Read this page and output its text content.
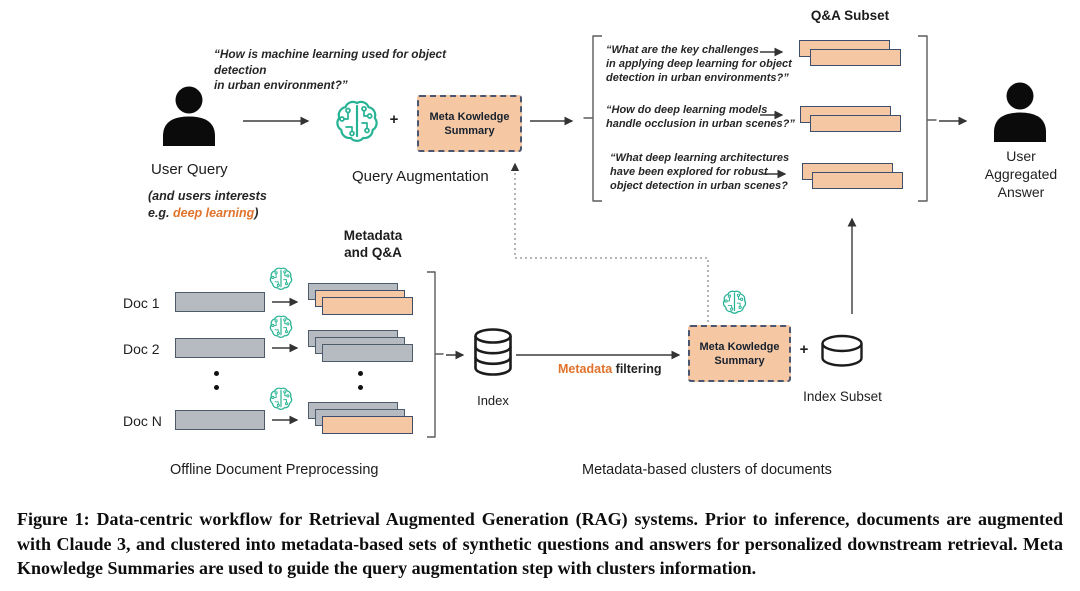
“How is machine learning used for object detection
in urban environment?”
User Query
(and users interests
e.g. deep learning)
+	Meta Kowledge
Summary
Query Augmentation
Q&A Subset
“What are the key challenges
in applying deep learning for object
detection in urban environments?”
“How do deep learning models
handle occlusion in urban scenes?”
“What deep learning architectures
have been explored for robust
object detection in urban scenes?
User
Aggregated
Answer
Metadata
and Q&A
Doc 1
Doc 2
Doc N
Index
Offline Document Preprocessing
Metadata filtering
Meta Kowledge
Summary
+
Index Subset
Metadata-based clusters of documents
Figure 1: Data-centric workflow for Retrieval Augmented Generation (RAG) systems. Prior to inference, documents are augmented with Claude 3, and clustered into metadata-based sets of synthetic questions and answers for personalized downstream retrieval. Meta Knowledge Summaries are used to guide the query augmentation step with clusters information.
